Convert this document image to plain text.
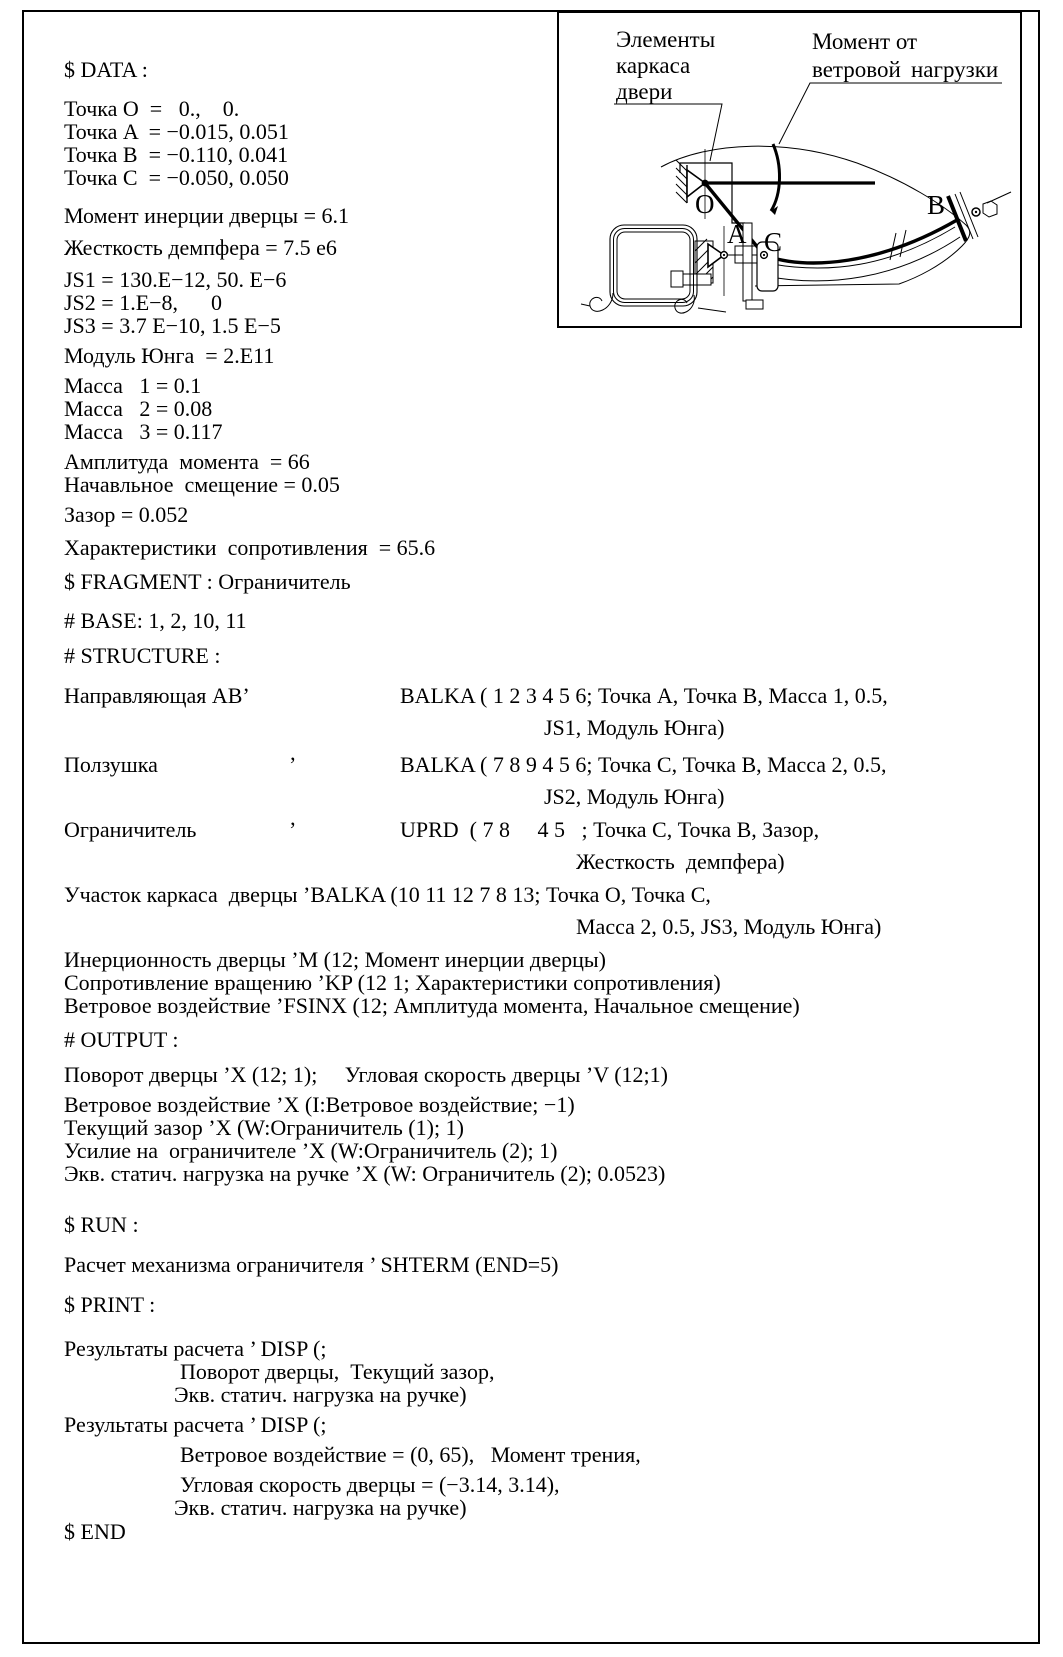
$ DATA :
Точка O  =   0.,    0.
Точка A  = −0.015, 0.051
Точка B  = −0.110, 0.041
Точка C  = −0.050, 0.050
Момент инерции дверцы = 6.1
Жесткость демпфера = 7.5 e6
JS1 = 130.E−12, 50. E−6
JS2 = 1.E−8,      0
JS3 = 3.7 E−10, 1.5 E−5
Модуль Юнга  = 2.E11
Масса   1 = 0.1
Масса   2 = 0.08
Масса   3 = 0.117
Амплитуда  момента  = 66
Начавльное  смещение = 0.05
Зазор = 0.052
Характеристики  сопротивления  = 65.6
$ FRAGMENT : Ограничитель
# BASE: 1, 2, 10, 11
# STRUCTURE :
Направляющая AB’	BALKA ( 1 2 3 4 5 6; Точка A, Точка B, Масса 1, 0.5,
JS1, Модуль Юнга)
Ползушка	’	BALKA ( 7 8 9 4 5 6; Точка C, Точка B, Масса 2, 0.5,
JS2, Модуль Юнга)
Ограничитель	’	UPRD  ( 7 8     4 5   ; Точка C, Точка B, Зазор,
Жесткость  демпфера)
Участок каркаса  дверцы ’BALKA (10 11 12 7 8 13; Точка O, Точка C,
Масса 2, 0.5, JS3, Модуль Юнга)
Инерционность дверцы ’M (12; Момент инерции дверцы)
Сопротивление вращению ’KP (12 1; Характеристики сопротивления)
Ветровое воздействие ’FSINX (12; Амплитуда момента, Начальное смещение)
# OUTPUT :
Поворот дверцы ’X (12; 1);     Угловая скорость дверцы ’V (12;1)
Ветровое воздействие ’X (I:Ветровое воздействие; −1)
Текущий зазор ’X (W:Ограничитель (1); 1)
Усилие на  ограничителе ’X (W:Ограничитель (2); 1)
Экв. статич. нагрузка на ручке ’X (W: Ограничитель (2); 0.0523)
$ RUN :
Расчет механизма ограничителя ’ SHTERM (END=5)
$ PRINT :
Результаты расчета ’ DISP (;
Поворот дверцы,  Текущий зазор,
Экв. статич. нагрузка на ручке)
Результаты расчета ’ DISP (;
Ветровое воздействие = (0, 65),   Момент трения,
Угловая скорость дверцы = (−3.14, 3.14),
Экв. статич. нагрузка на ручке)
$ END
Элементы
каркаса
двери
Момент от
ветровой нагрузки
O
A C
B
